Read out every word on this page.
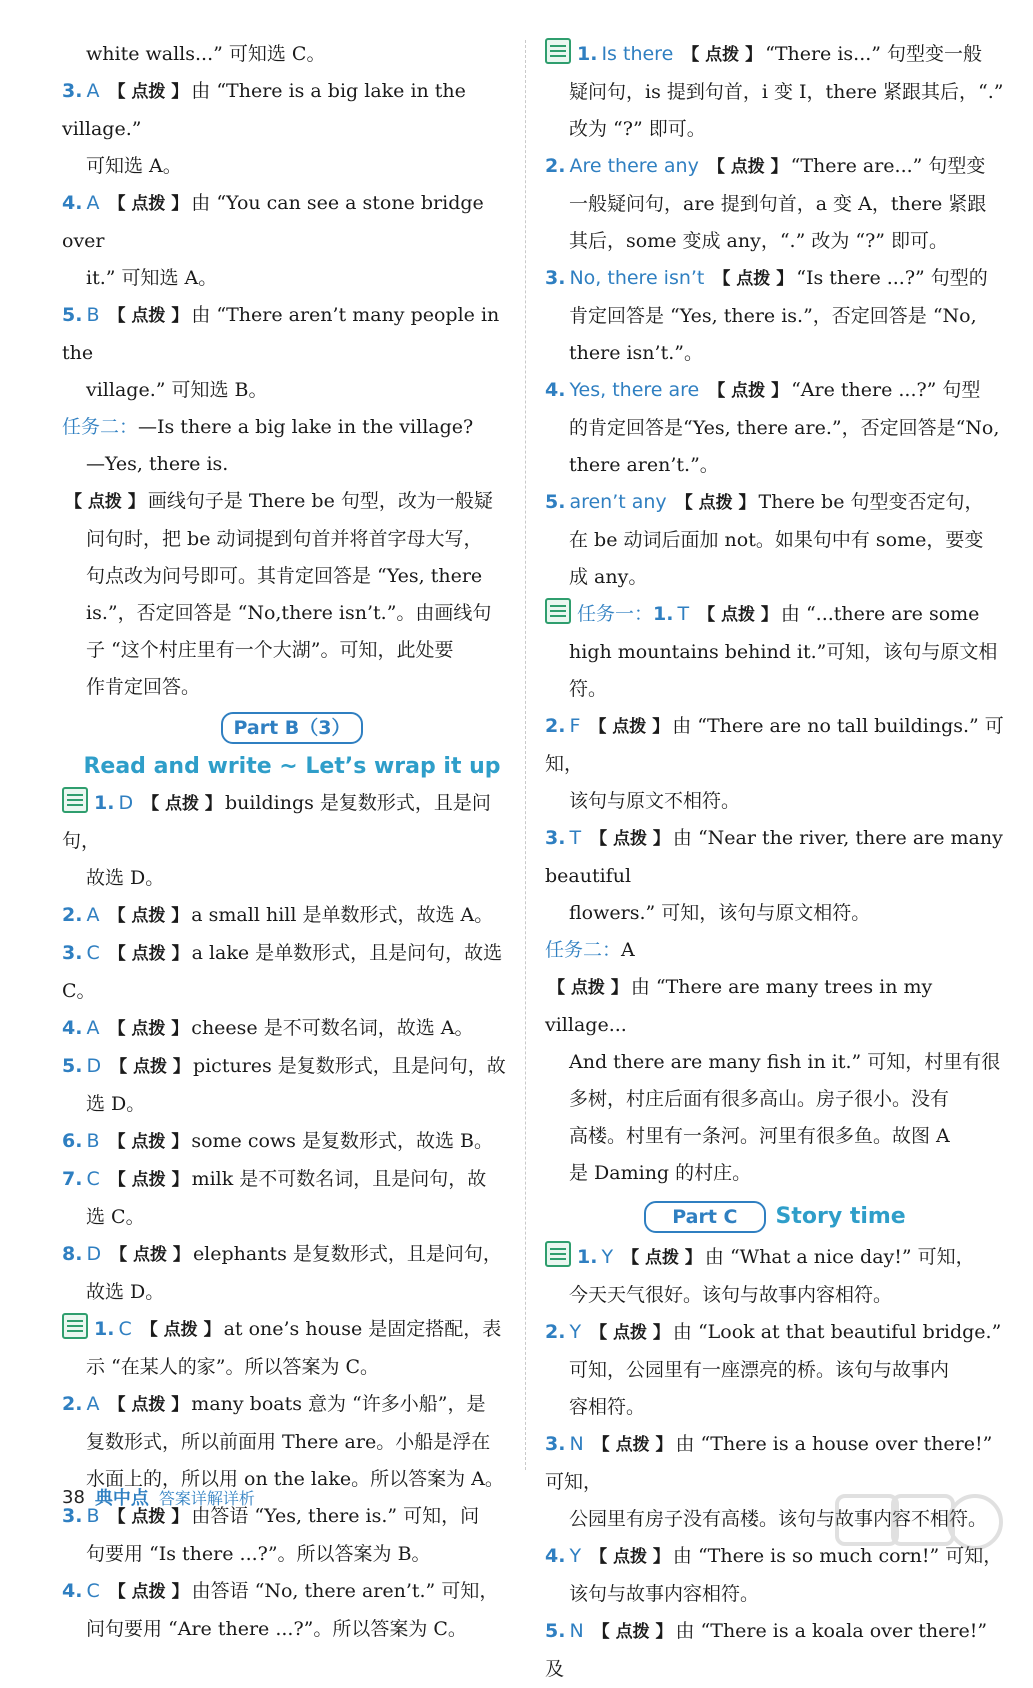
white walls...” 可知选 C。
3. A 【 点拨 】 由 “There is a big lake in the village.”
可知选 A。
4. A 【 点拨 】 由 “You can see a stone bridge over
it.” 可知选 A。
5. B 【 点拨 】 由 “There aren’t many people in the
village.” 可知选 B。
任务二：—Is there a big lake in the village?
—Yes, there is.
【 点拨 】 画线句子是 There be 句型，改为一般疑
问句时，把 be 动词提到句首并将首字母大写，
句点改为问号即可。其肯定回答是 “Yes, there
is.”，否定回答是 “No,there isn’t.”。由画线句
子 “这个村庄里有一个大湖”。可知，此处要
作肯定回答。
Part B（3）
Read and write ~ Let’s wrap it up
1. D 【 点拨 】 buildings 是复数形式，且是问句，
故选 D。
2. A 【 点拨 】 a small hill 是单数形式，故选 A。
3. C 【 点拨 】 a lake 是单数形式，且是问句，故选 C。
4. A 【 点拨 】 cheese 是不可数名词，故选 A。
5. D 【 点拨 】 pictures 是复数形式，且是问句，故
选 D。
6. B 【 点拨 】 some cows 是复数形式，故选 B。
7. C 【 点拨 】 milk 是不可数名词，且是问句，故
选 C。
8. D 【 点拨 】 elephants 是复数形式，且是问句，
故选 D。
1. C 【 点拨 】 at one’s house 是固定搭配，表
示 “在某人的家”。所以答案为 C。
2. A 【 点拨 】 many boats 意为 “许多小船”，是
复数形式，所以前面用 There are。小船是浮在
水面上的，所以用 on the lake。所以答案为 A。
3. B 【 点拨 】 由答语 “Yes, there is.” 可知，问
句要用 “Is there ...?”。所以答案为 B。
4. C 【 点拨 】 由答语 “No, there aren’t.” 可知，
问句要用 “Are there ...?”。所以答案为 C。
1. Is there 【 点拨 】 “There is...” 句型变一般
疑问句，is 提到句首，i 变 I，there 紧跟其后，“.”
改为 “?” 即可。
2. Are there any 【 点拨 】 “There are...” 句型变
一般疑问句，are 提到句首，a 变 A，there 紧跟
其后，some 变成 any，“.” 改为 “?” 即可。
3. No, there isn’t 【 点拨 】 “Is there ...?” 句型的
肯定回答是 “Yes, there is.”，否定回答是 “No,
there isn’t.”。
4. Yes, there are 【 点拨 】 “Are there ...?” 句型
的肯定回答是“Yes, there are.”，否定回答是“No,
there aren’t.”。
5. aren’t any 【 点拨 】 There be 句型变否定句，
在 be 动词后面加 not。如果句中有 some，要变
成 any。
任务一：1. T 【 点拨 】 由 “...there are some
high mountains behind it.”可知，该句与原文相符。
2. F 【 点拨 】 由 “There are no tall buildings.” 可知，
该句与原文不相符。
3. T 【 点拨 】 由 “Near the river, there are many beautiful
flowers.” 可知，该句与原文相符。
任务二：A
【 点拨 】 由 “There are many trees in my village...
And there are many fish in it.” 可知，村里有很
多树，村庄后面有很多高山。房子很小。没有
高楼。村里有一条河。河里有很多鱼。故图 A
是 Daming 的村庄。
Part C	Story time
1. Y 【 点拨 】 由 “What a nice day!” 可知，
今天天气很好。该句与故事内容相符。
2. Y 【 点拨 】 由 “Look at that beautiful bridge.”
可知，公园里有一座漂亮的桥。该句与故事内
容相符。
3. N 【 点拨 】 由 “There is a house over there!” 可知，
公园里有房子没有高楼。该句与故事内容不相符。
4. Y 【 点拨 】 由 “There is so much corn!” 可知，
该句与故事内容相符。
5. N 【 点拨 】 由 “There is a koala over there!” 及
38 典中点 答案详解详析
